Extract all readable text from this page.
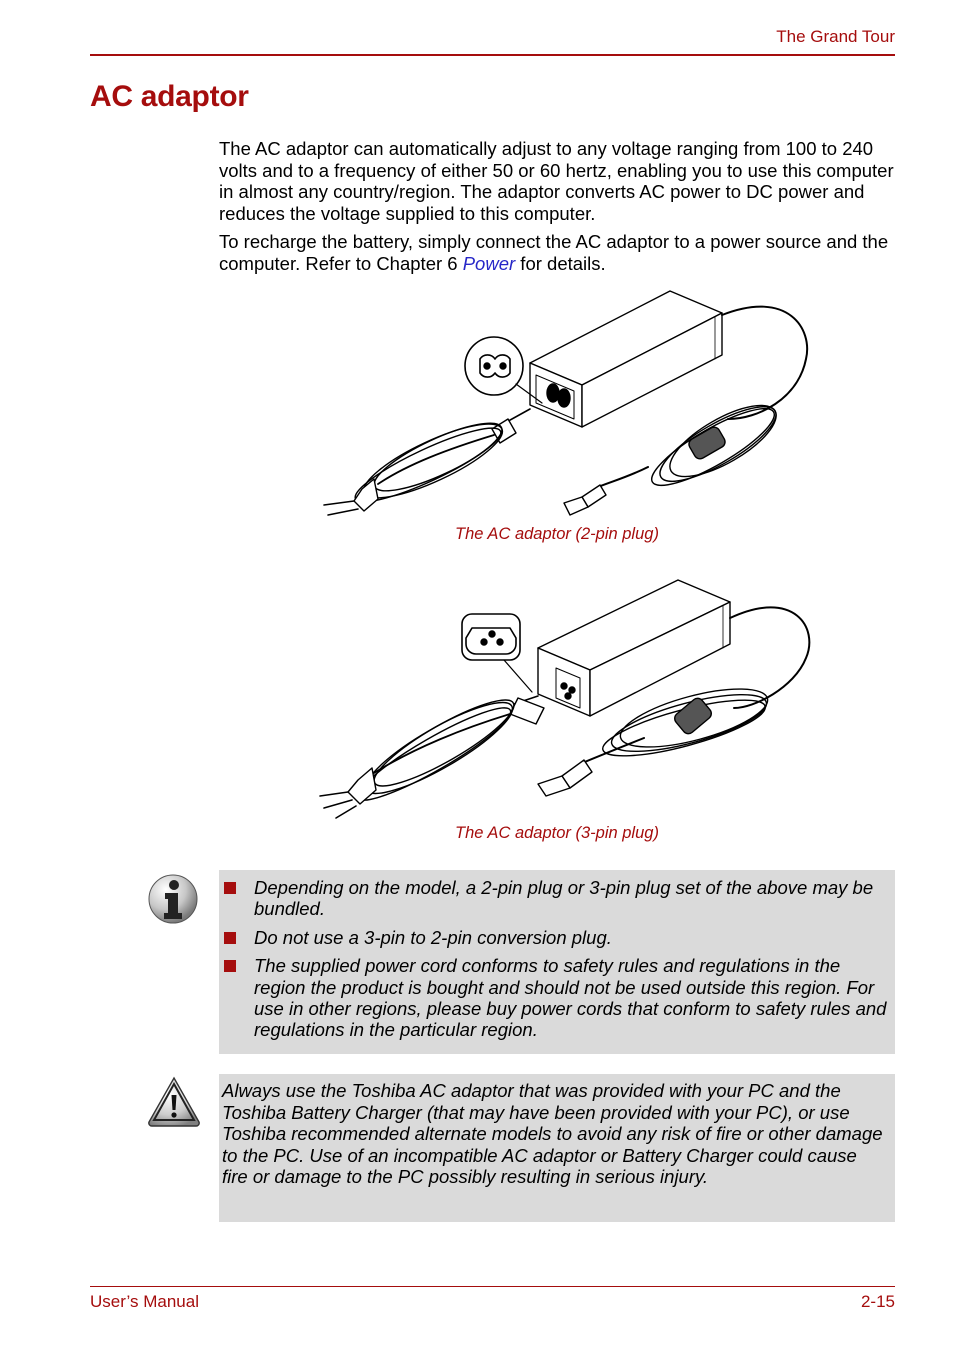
The Grand Tour
AC adaptor

The AC adaptor can automatically adjust to any voltage ranging from 100 to 240 volts and to a frequency of either 50 or 60 hertz, enabling you to use this computer in almost any country/region. The adaptor converts AC power to DC power and reduces the voltage supplied to this computer.

To recharge the battery, simply connect the AC adaptor to a power source and the computer. Refer to Chapter 6 Power for details.

The AC adaptor (2-pin plug)
The AC adaptor (3-pin plug)
Depending on the model, a 2-pin plug or 3-pin plug set of the above may be bundled.
Do not use a 3-pin to 2-pin conversion plug.
The supplied power cord conforms to safety rules and regulations in the region the product is bought and should not be used outside this region. For use in other regions, please buy power cords that conform to safety rules and regulations in the particular region.

Always use the Toshiba AC adaptor that was provided with your PC and the Toshiba Battery Charger (that may have been provided with your PC), or use Toshiba recommended alternate models to avoid any risk of fire or other damage to the PC. Use of an incompatible AC adaptor or Battery Charger could cause fire or damage to the PC possibly resulting in serious injury.

User’s Manual	2-15
